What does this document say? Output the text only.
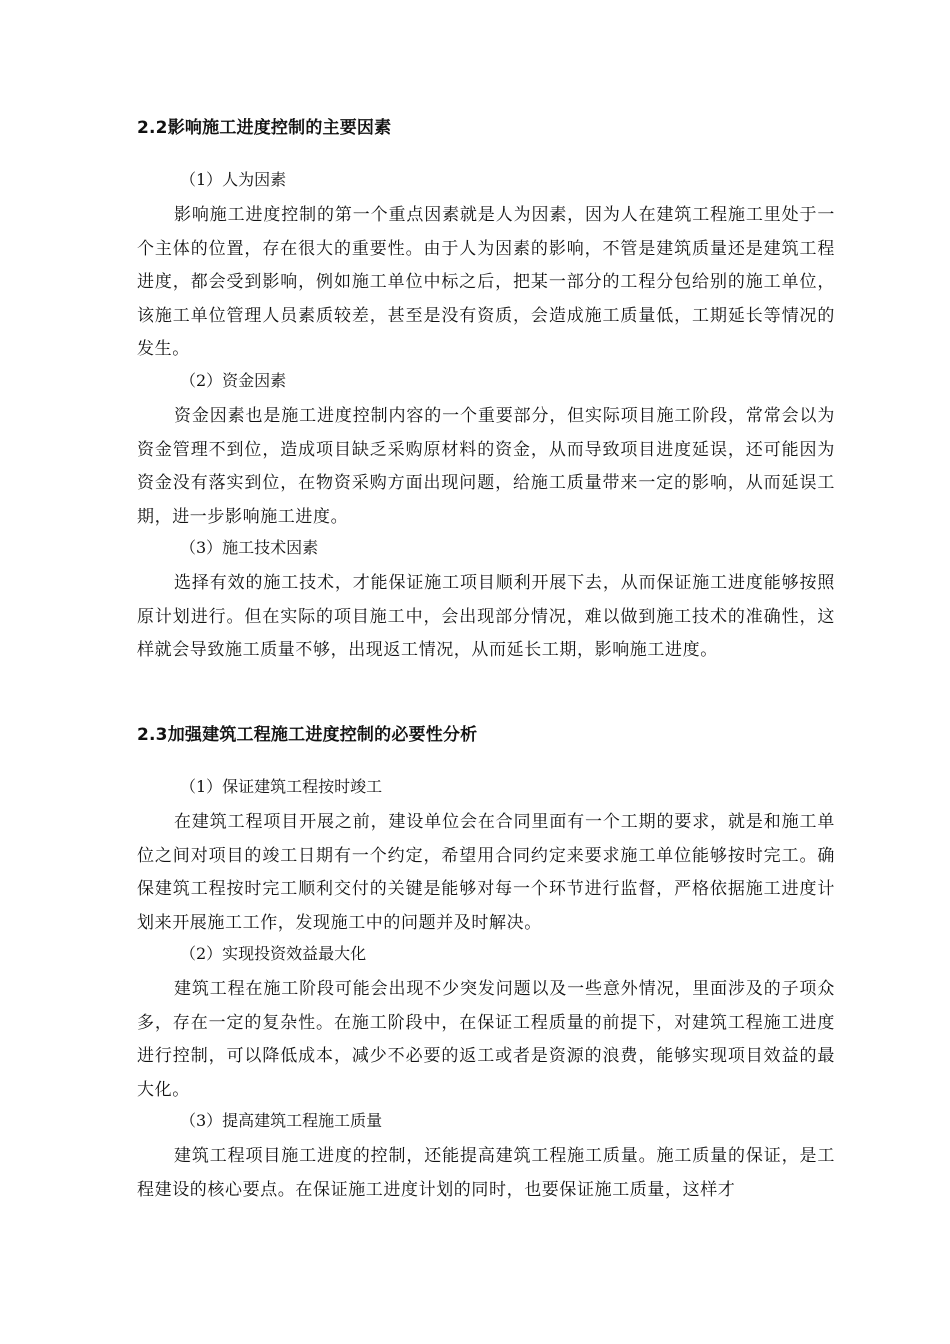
2.2影响施工进度控制的主要因素
（1）人为因素

影响施工进度控制的第一个重点因素就是人为因素，因为人在建筑工程施工里处于一个主体的位置，存在很大的重要性。由于人为因素的影响，不管是建筑质量还是建筑工程进度，都会受到影响，例如施工单位中标之后，把某一部分的工程分包给别的施工单位，该施工单位管理人员素质较差，甚至是没有资质，会造成施工质量低，工期延长等情况的发生。

（2）资金因素

资金因素也是施工进度控制内容的一个重要部分，但实际项目施工阶段，常常会以为资金管理不到位，造成项目缺乏采购原材料的资金，从而导致项目进度延误，还可能因为资金没有落实到位，在物资采购方面出现问题，给施工质量带来一定的影响，从而延误工期，进一步影响施工进度。

（3）施工技术因素

选择有效的施工技术，才能保证施工项目顺利开展下去，从而保证施工进度能够按照原计划进行。但在实际的项目施工中，会出现部分情况，难以做到施工技术的准确性，这样就会导致施工质量不够，出现返工情况，从而延长工期，影响施工进度。

2.3加强建筑工程施工进度控制的必要性分析
（1）保证建筑工程按时竣工

在建筑工程项目开展之前，建设单位会在合同里面有一个工期的要求，就是和施工单位之间对项目的竣工日期有一个约定，希望用合同约定来要求施工单位能够按时完工。确保建筑工程按时完工顺利交付的关键是能够对每一个环节进行监督，严格依据施工进度计划来开展施工工作，发现施工中的问题并及时解决。

（2）实现投资效益最大化

建筑工程在施工阶段可能会出现不少突发问题以及一些意外情况，里面涉及的子项众多，存在一定的复杂性。在施工阶段中，在保证工程质量的前提下，对建筑工程施工进度进行控制，可以降低成本，减少不必要的返工或者是资源的浪费，能够实现项目效益的最大化。

（3）提高建筑工程施工质量

建筑工程项目施工进度的控制，还能提高建筑工程施工质量。施工质量的保证，是工程建设的核心要点。在保证施工进度计划的同时，也要保证施工质量，这样才
